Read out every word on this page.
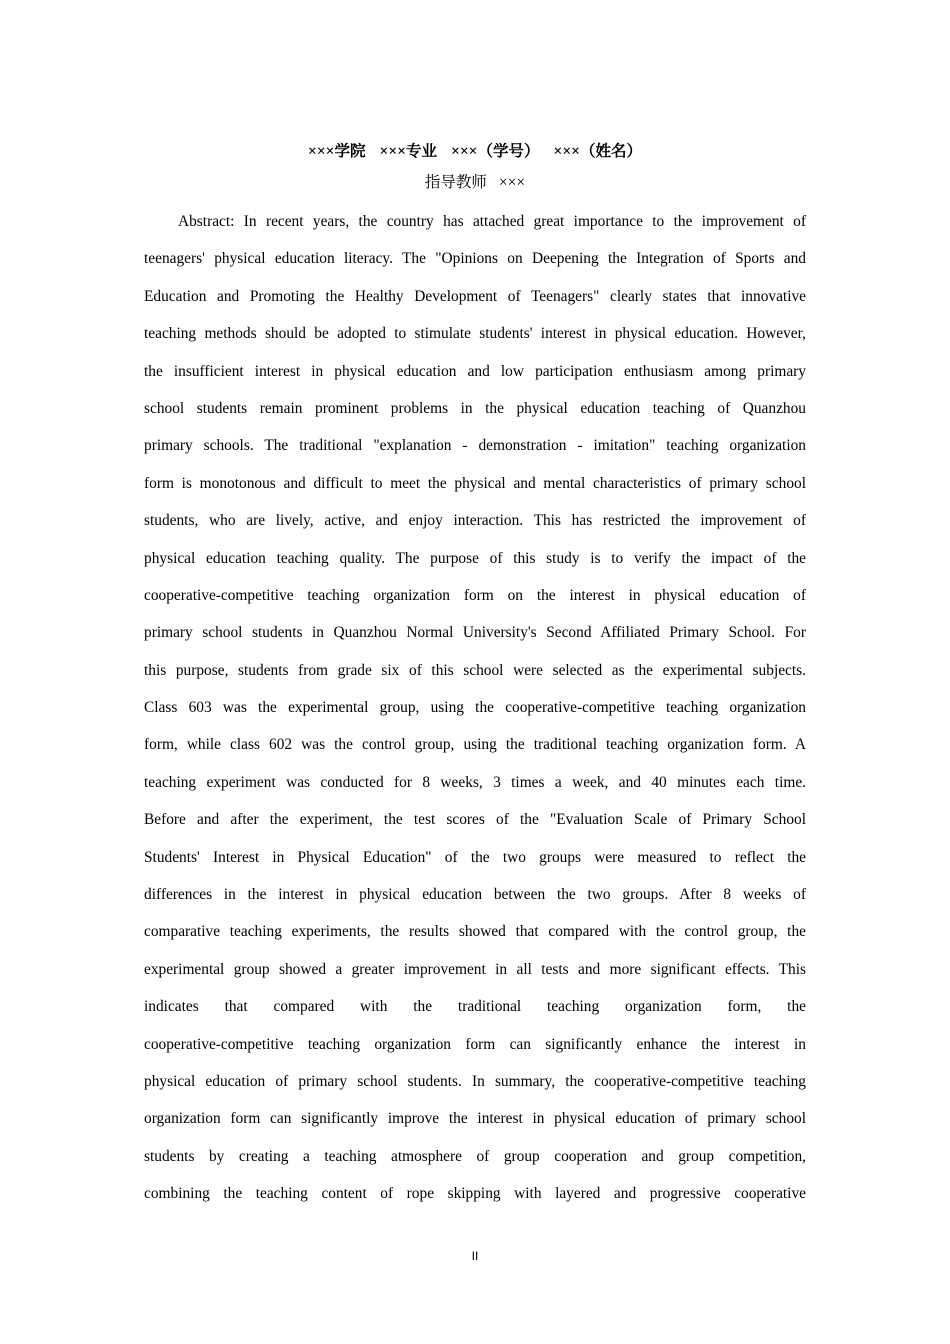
×××学院 ×××专业 ×××（学号） ×××（姓名）
指导教师 ×××
Abstract: In recent years, the country has attached great importance to the improvement of
teenagers' physical education literacy. The "Opinions on Deepening the Integration of Sports and
Education and Promoting the Healthy Development of Teenagers" clearly states that innovative
teaching methods should be adopted to stimulate students' interest in physical education. However,
the insufficient interest in physical education and low participation enthusiasm among primary
school students remain prominent problems in the physical education teaching of Quanzhou
primary schools. The traditional "explanation - demonstration - imitation" teaching organization
form is monotonous and difficult to meet the physical and mental characteristics of primary school
students, who are lively, active, and enjoy interaction. This has restricted the improvement of
physical education teaching quality. The purpose of this study is to verify the impact of the
cooperative-competitive teaching organization form on the interest in physical education of
primary school students in Quanzhou Normal University's Second Affiliated Primary School. For
this purpose, students from grade six of this school were selected as the experimental subjects.
Class 603 was the experimental group, using the cooperative-competitive teaching organization
form, while class 602 was the control group, using the traditional teaching organization form. A
teaching experiment was conducted for 8 weeks, 3 times a week, and 40 minutes each time.
Before and after the experiment, the test scores of the "Evaluation Scale of Primary School
Students' Interest in Physical Education" of the two groups were measured to reflect the
differences in the interest in physical education between the two groups. After 8 weeks of
comparative teaching experiments, the results showed that compared with the control group, the
experimental group showed a greater improvement in all tests and more significant effects. This
indicates that compared with the traditional teaching organization form, the
cooperative-competitive teaching organization form can significantly enhance the interest in
physical education of primary school students. In summary, the cooperative-competitive teaching
organization form can significantly improve the interest in physical education of primary school
students by creating a teaching atmosphere of group cooperation and group competition,
combining the teaching content of rope skipping with layered and progressive cooperative
II
